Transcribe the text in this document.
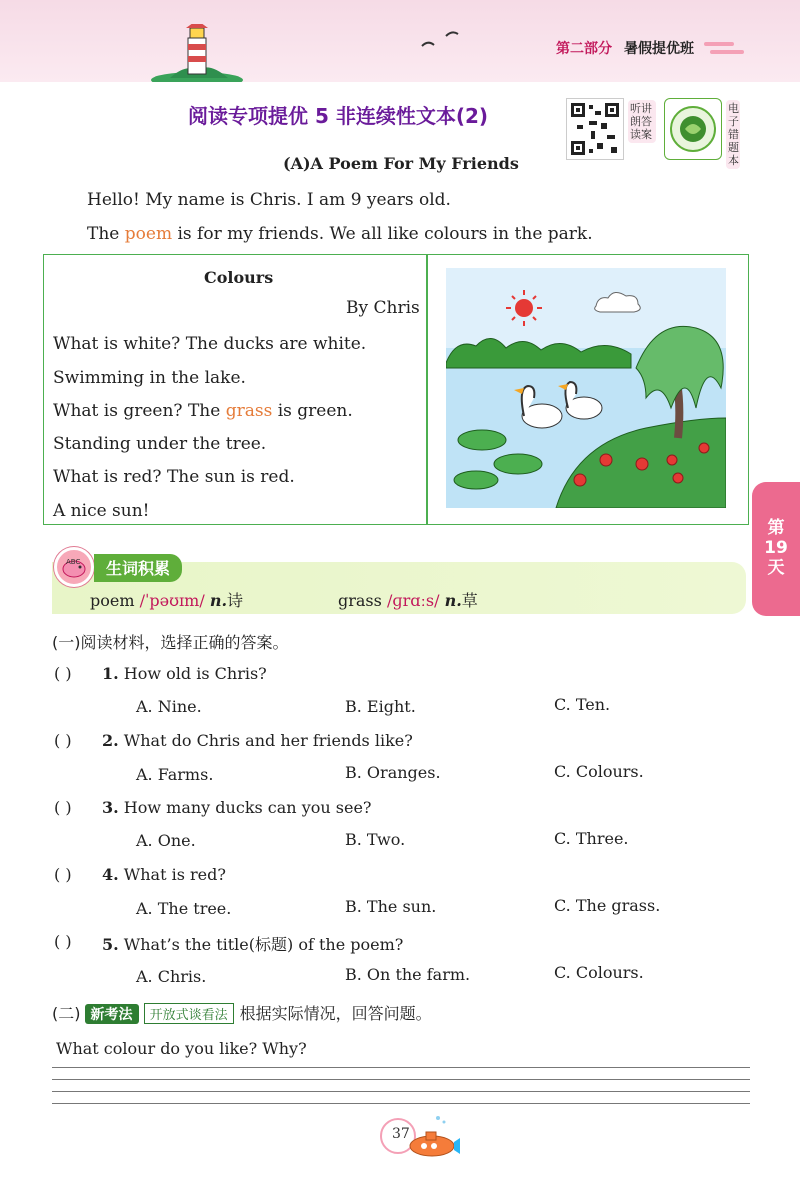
第二部分 暑假提优班
阅读专项提优 5 非连续性文本(2)	听讲
朗答
读案
电
子
错
题
本
(A)A Poem For My Friends
Hello! My name is Chris. I am 9 years old.
The poem is for my friends. We all like colours in the park.
Colours
By Chris
What is white? The ducks are white.
Swimming in the lake.
What is green? The grass is green.
Standing under the tree.
What is red? The sun is red.
A nice sun!
ABC	生词积累
poem /ˈpəʊɪm/ n.诗	grass /ɡrɑːs/ n.草
第
19
天
(一)阅读材料，选择正确的答案。
( ) 1. How old is Chris?
A. Nine.	B. Eight.	C. Ten.
( ) 2. What do Chris and her friends like?
A. Farms.	B. Oranges.	C. Colours.
( ) 3. How many ducks can you see?
A. One.	B. Two.	C. Three.
( ) 4. What is red?
A. The tree.	B. The sun.	C. The grass.
( ) 5. What’s the title(标题) of the poem?
A. Chris.	B. On the farm.	C. Colours.
(二) 新考法 开放式谈看法 根据实际情况，回答问题。
What colour do you like? Why?
37
